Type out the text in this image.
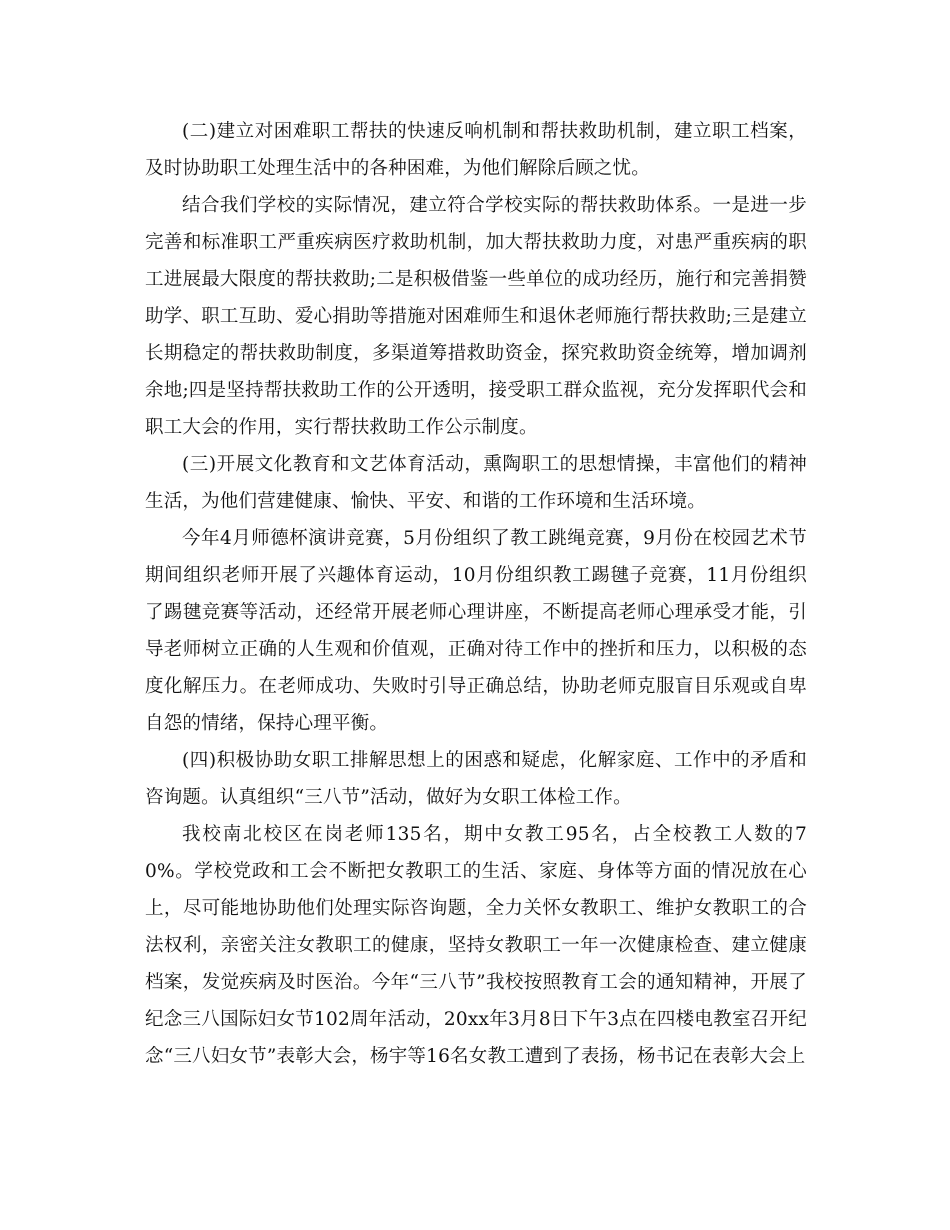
(二)建立对困难职工帮扶的快速反响机制和帮扶救助机制，建立职工档案，及时协助职工处理生活中的各种困难，为他们解除后顾之忧。

结合我们学校的实际情况，建立符合学校实际的帮扶救助体系。一是进一步完善和标准职工严重疾病医疗救助机制，加大帮扶救助力度，对患严重疾病的职工进展最大限度的帮扶救助;二是积极借鉴一些单位的成功经历，施行和完善捐赞助学、职工互助、爱心捐助等措施对困难师生和退休老师施行帮扶救助;三是建立长期稳定的帮扶救助制度，多渠道筹措救助资金，探究救助资金统筹，增加调剂余地;四是坚持帮扶救助工作的公开透明，接受职工群众监视，充分发挥职代会和职工大会的作用，实行帮扶救助工作公示制度。

(三)开展文化教育和文艺体育活动，熏陶职工的思想情操，丰富他们的精神生活，为他们营建健康、愉快、平安、和谐的工作环境和生活环境。

今年4月师德杯演讲竞赛，5月份组织了教工跳绳竞赛，9月份在校园艺术节期间组织老师开展了兴趣体育运动，10月份组织教工踢毽子竞赛，11月份组织了踢毽竞赛等活动，还经常开展老师心理讲座，不断提高老师心理承受才能，引导老师树立正确的人生观和价值观，正确对待工作中的挫折和压力，以积极的态度化解压力。在老师成功、失败时引导正确总结，协助老师克服盲目乐观或自卑自怨的情绪，保持心理平衡。

(四)积极协助女职工排解思想上的困惑和疑虑，化解家庭、工作中的矛盾和咨询题。认真组织“三八节”活动，做好为女职工体检工作。

我校南北校区在岗老师135名，期中女教工95名，占全校教工人数的70%。学校党政和工会不断把女教职工的生活、家庭、身体等方面的情况放在心上，尽可能地协助他们处理实际咨询题，全力关怀女教职工、维护女教职工的合法权利，亲密关注女教职工的健康，坚持女教职工一年一次健康检查、建立健康档案，发觉疾病及时医治。今年“三八节”我校按照教育工会的通知精神，开展了纪念三八国际妇女节102周年活动，20xx年3月8日下午3点在四楼电教室召开纪念“三八妇女节”表彰大会，杨宇等16名女教工遭到了表扬，杨书记在表彰大会上
